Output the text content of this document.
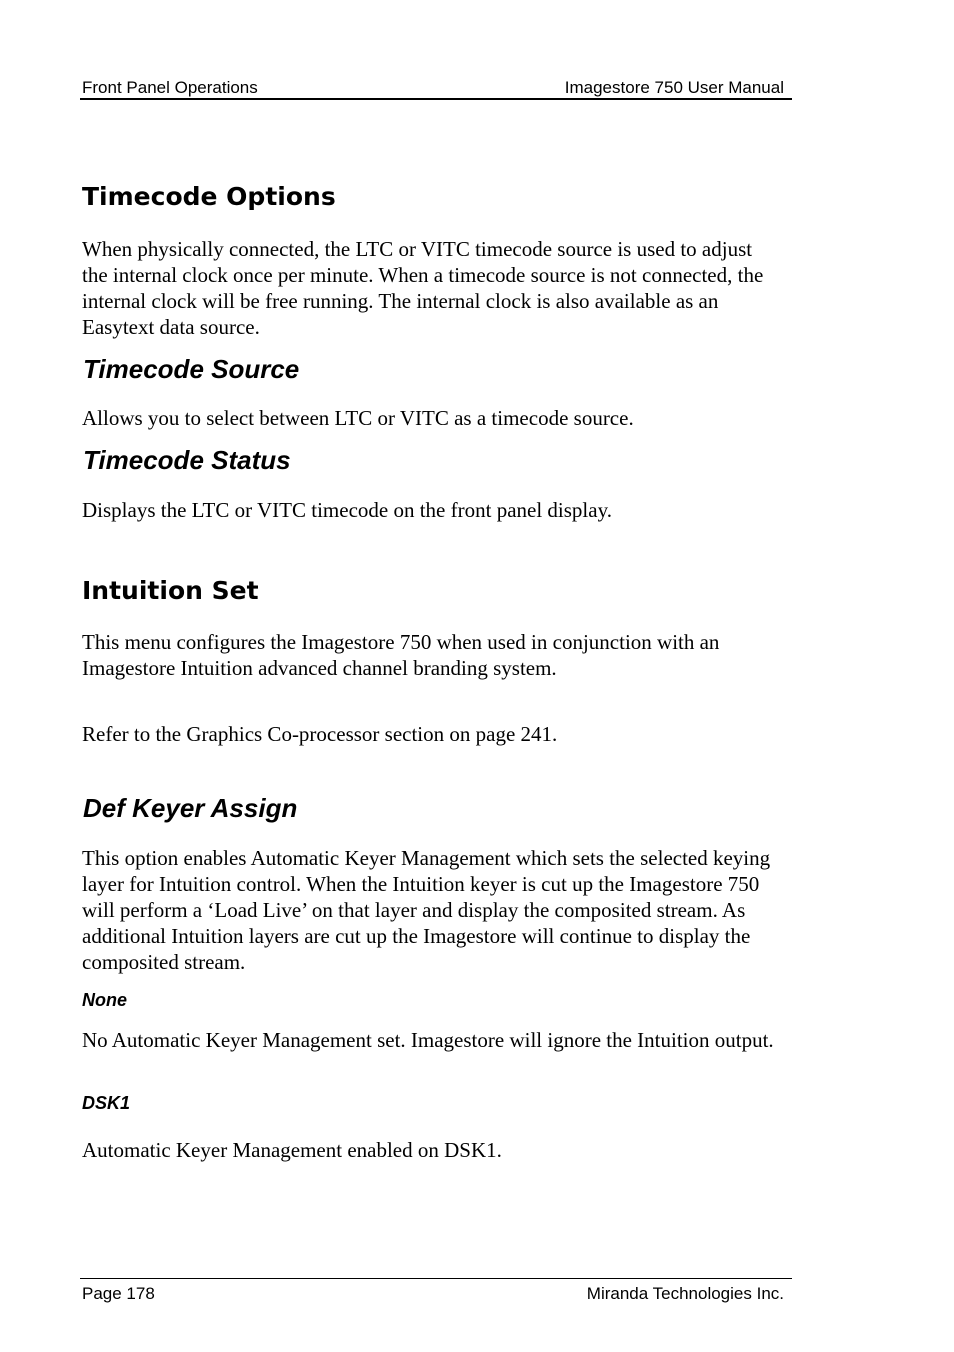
Front Panel Operations	Imagestore 750 User Manual
Timecode Options

When physically connected, the LTC or VITC timecode source is used to adjust the internal clock once per minute. When a timecode source is not connected, the internal clock will be free running. The internal clock is also available as an Easytext data source.

Timecode Source

Allows you to select between LTC or VITC as a timecode source.

Timecode Status

Displays the LTC or VITC timecode on the front panel display.

Intuition Set

This menu configures the Imagestore 750 when used in conjunction with an Imagestore Intuition advanced channel branding system.

Refer to the Graphics Co-processor section on page 241.

Def Keyer Assign

This option enables Automatic Keyer Management which sets the selected keying layer for Intuition control. When the Intuition keyer is cut up the Imagestore 750 will perform a ‘Load Live’ on that layer and display the composited stream. As additional Intuition layers are cut up the Imagestore will continue to display the composited stream.

None

No Automatic Keyer Management set. Imagestore will ignore the Intuition output.

DSK1

Automatic Keyer Management enabled on DSK1.

Page 178	Miranda Technologies Inc.
